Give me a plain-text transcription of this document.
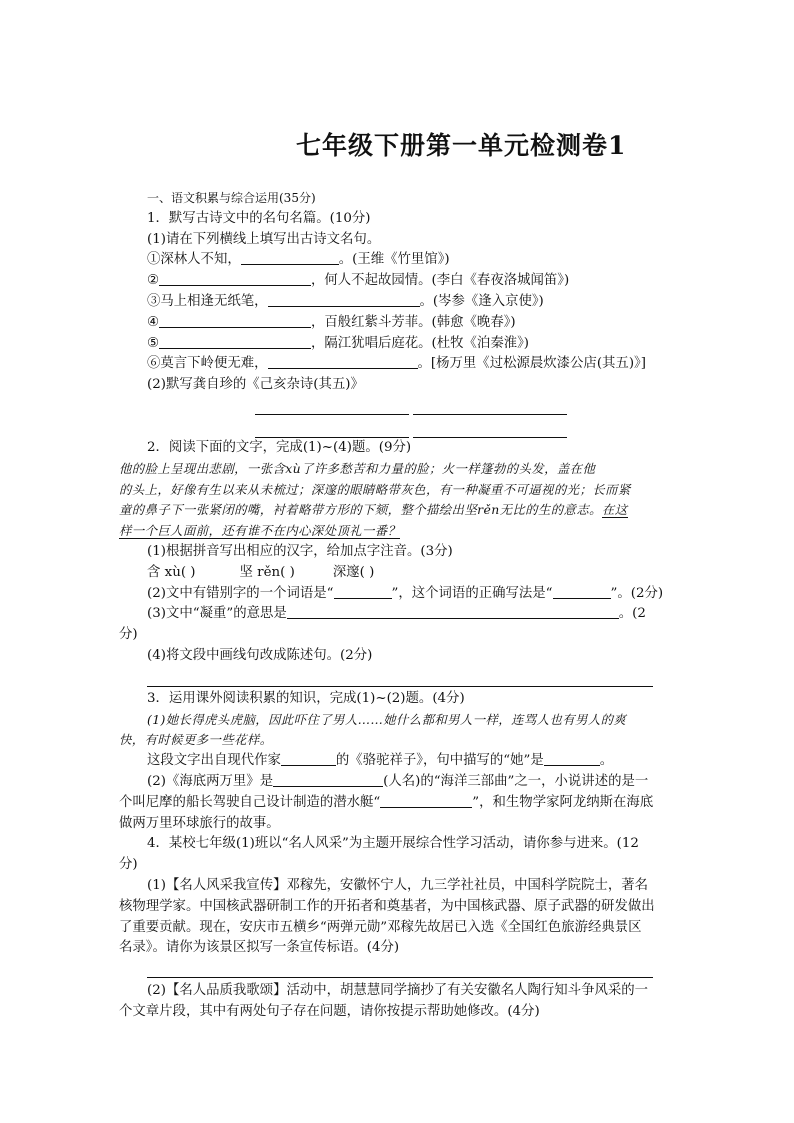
七年级下册第一单元检测卷1
一、语文积累与综合运用(35分)
1．默写古诗文中的名句名篇。(10分)
(1)请在下列横线上填写出古诗文名句。
①深林人不知，	。(王维《竹里馆》)
②	，何人不起故园情。(李白《春夜洛城闻笛》)
③马上相逢无纸笔，	。(岑参《逢入京使》)
④	，百般红紫斗芳菲。(韩愈《晚春》)
⑤	，隔江犹唱后庭花。(杜牧《泊秦淮》)
⑥莫言下岭便无难，	。[杨万里《过松源晨炊漆公店(其五)》]
(2)默写龚自珍的《己亥杂诗(其五)》
2．阅读下面的文字，完成(1)~(4)题。(9分)
他的脸上呈现出悲剧，一张含xù了许多愁苦和力量的脸；火一样篷勃的头发，盖在他
的头上，好像有生以来从未梳过；深邃的眼睛略带灰色，有一种凝重不可逼视的光；长而紧
童的鼻子下一张紧闭的嘴，衬着略带方形的下颏，整个描绘出坚rěn无比的生的意志。在这
样一个巨人面前，还有谁不在内心深处顶礼一番？
(1)根据拼音写出相应的汉字，给加点字注音。(3分)
含 xù( )	坚 rěn( )	深邃( )
(2)文中有错别字的一个词语是“	”，这个词语的正确写法是“	”。(2分)
(3)文中“凝重”的意思是	。(2
分)
(4)将文段中画线句改成陈述句。(2分)
3．运用课外阅读积累的知识，完成(1)~(2)题。(4分)
(1)她长得虎头虎脑，因此吓住了男人……她什么都和男人一样，连骂人也有男人的爽
快，有时候更多一些花样。
这段文字出自现代作家	的《骆驼祥子》，句中描写的“她”是	。
(2)《海底两万里》是	(人名)的“海洋三部曲”之一，小说讲述的是一
个叫尼摩的船长驾驶自己设计制造的潜水艇“	”，和生物学家阿龙纳斯在海底
做两万里环球旅行的故事。
4．某校七年级(1)班以“名人风采”为主题开展综合性学习活动，请你参与进来。(12
分)
(1)【名人风采我宣传】邓稼先，安徽怀宁人，九三学社社员，中国科学院院士，著名
核物理学家。中国核武器研制工作的开拓者和奠基者，为中国核武器、原子武器的研发做出
了重要贡献。现在，安庆市五横乡“两弹元勋”邓稼先故居已入选《全国红色旅游经典景区
名录》。请你为该景区拟写一条宣传标语。(4分)
(2)【名人品质我歌颂】活动中，胡慧慧同学摘抄了有关安徽名人陶行知斗争风采的一
个文章片段，其中有两处句子存在问题，请你按提示帮助她修改。(4分)
